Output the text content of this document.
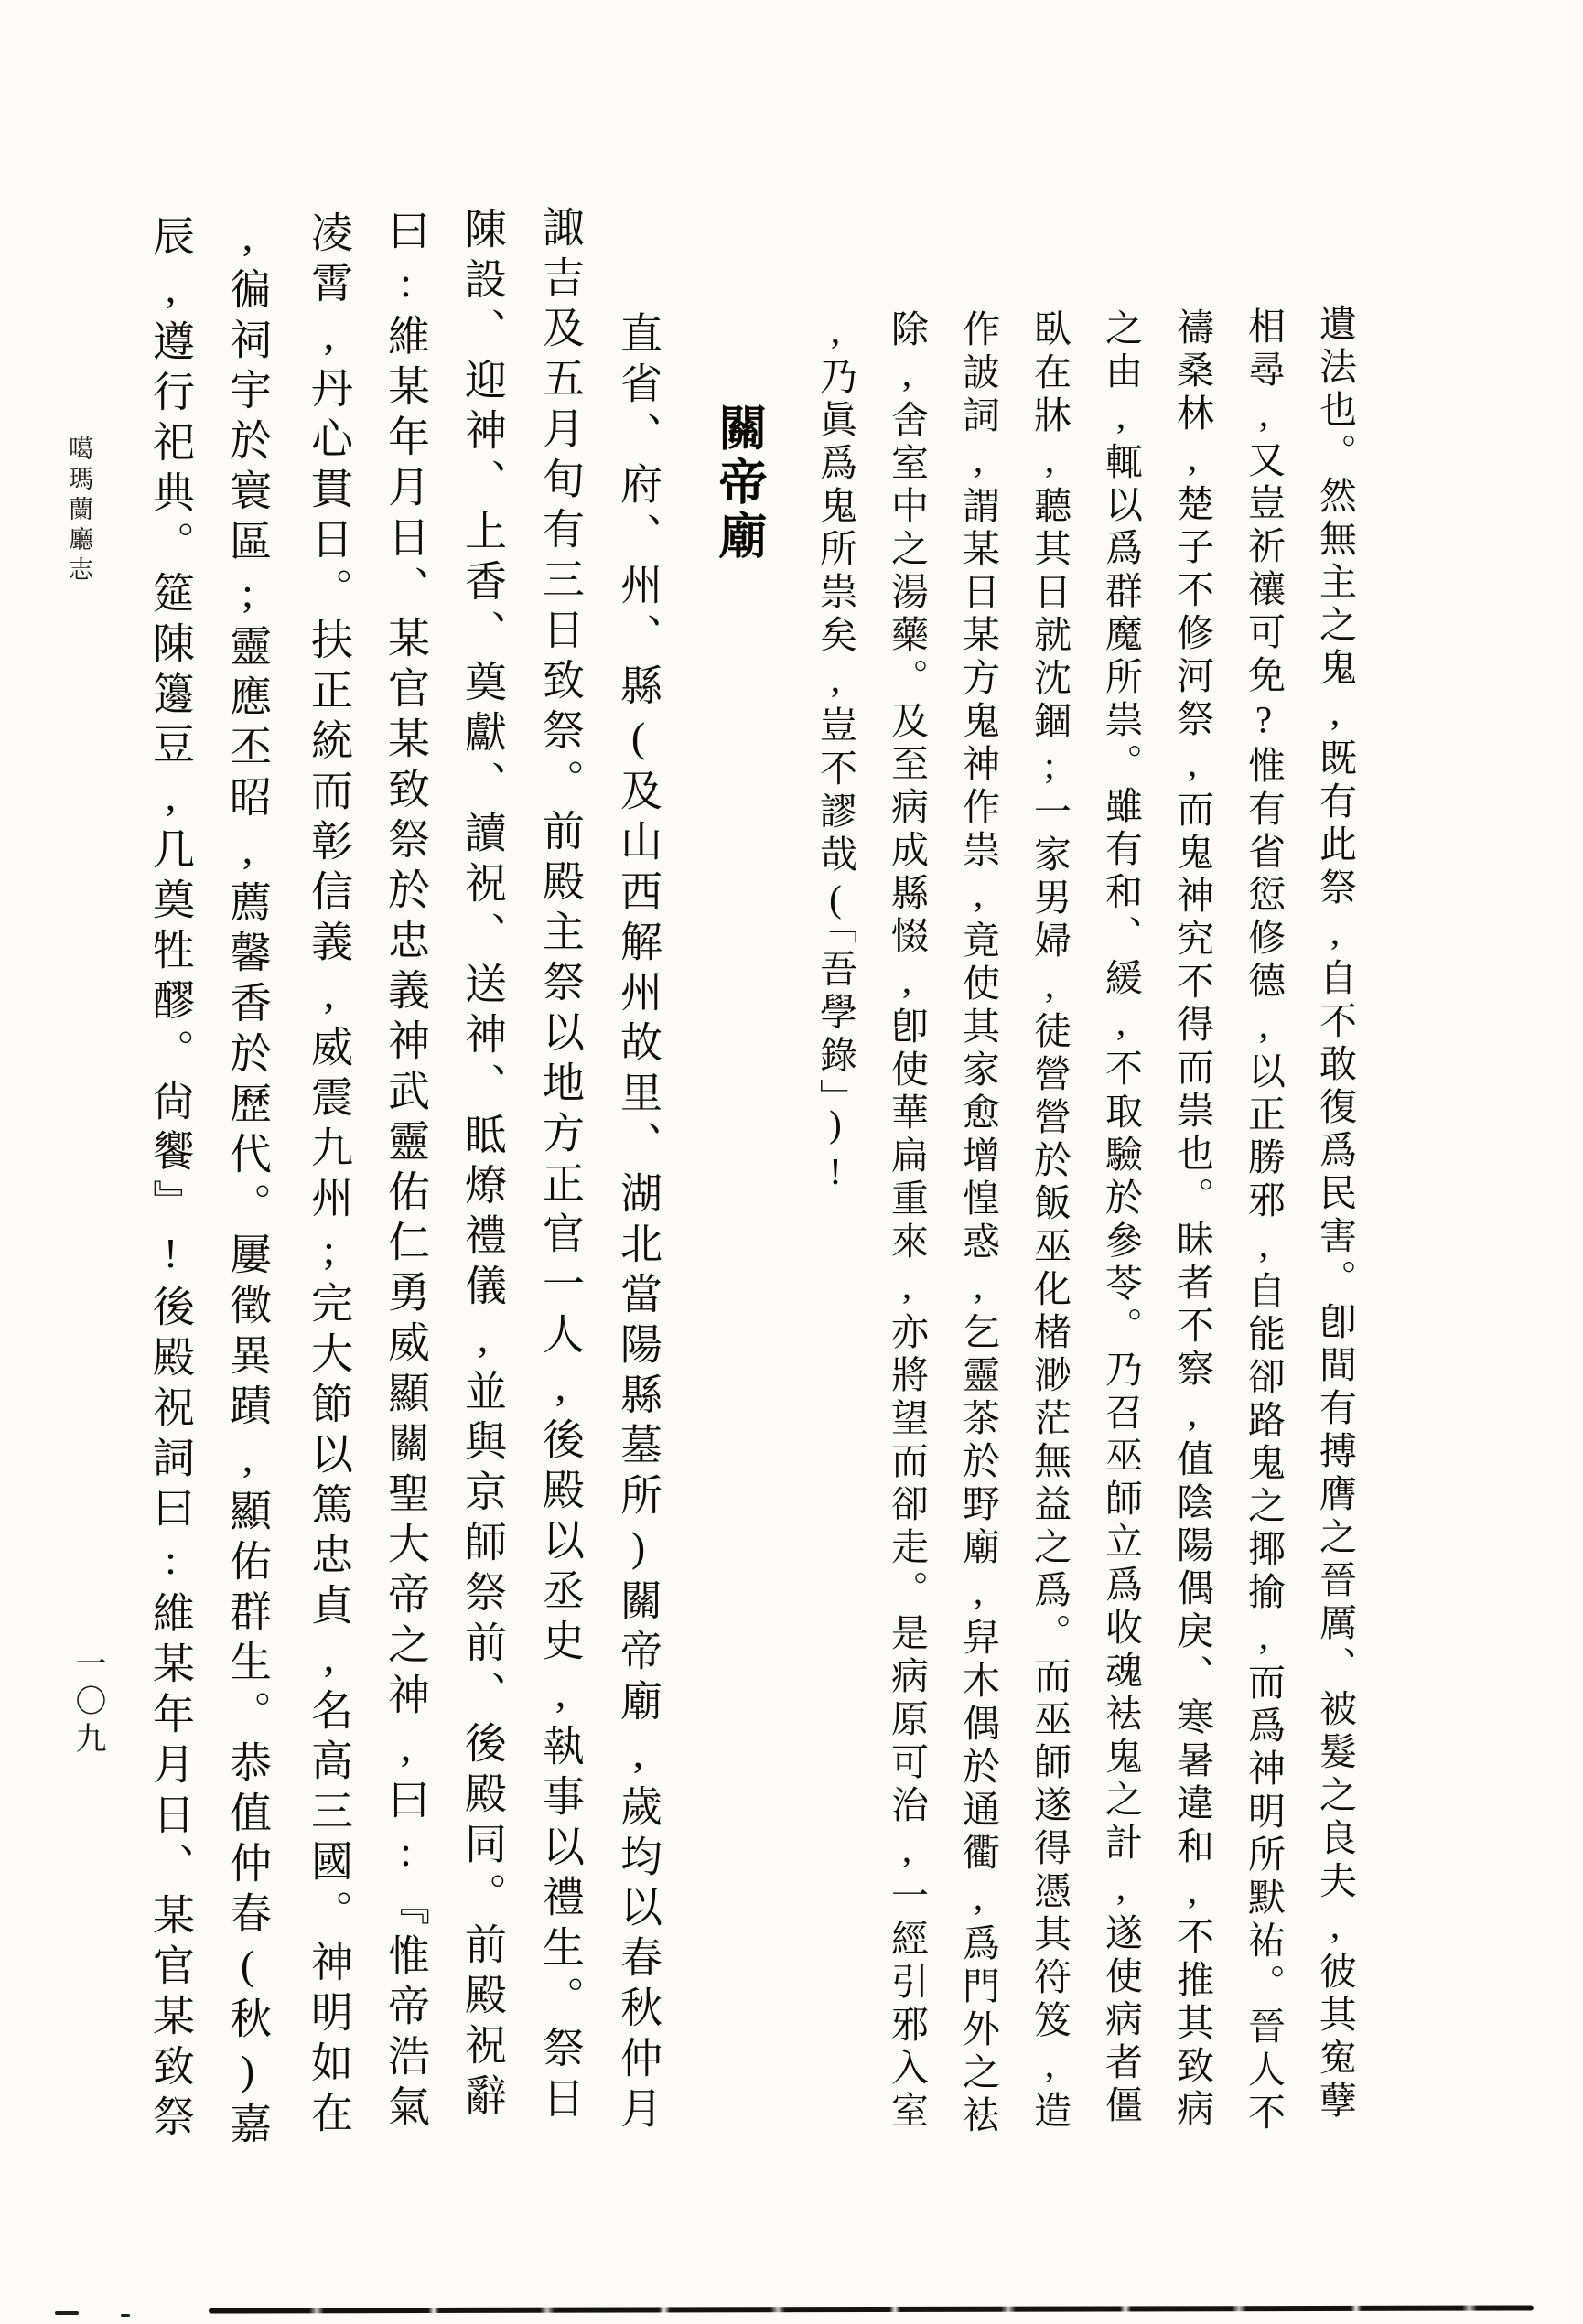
遺法也。然無主之鬼,既有此祭,自不敢復爲民害。卽間有搏膺之晉厲、被髮之良夫,彼其寃孽
相尋,又豈祈禳可免?惟有省愆修德,以正勝邪,自能卻路鬼之揶揄,而爲神明所默祐。晉人不
禱桑林,楚子不修河祭,而鬼神究不得而祟也。昧者不察,值陰陽偶戾、寒暑違和,不推其致病
之由,輒以爲群魔所祟。雖有和、緩,不取驗於參苓。乃召巫師立爲收魂袪鬼之計,遂使病者僵
臥在牀,聽其日就沈錮;一家男婦,徒營營於飯巫化楮渺茫無益之爲。而巫師遂得憑其符笈,造
作詖詞,謂某日某方鬼神作祟,竟使其家愈增惶惑,乞靈茶於野廟,舁木偶於通衢,爲門外之袪
除,舍室中之湯藥。及至病成縣惙,卽使華扁重來,亦將望而卻走。是病原可治,一經引邪入室
,乃眞爲鬼所祟矣,豈不謬哉(「吾學錄」)!
關帝廟
直省、府、州、縣(及山西解州故里、湖北當陽縣墓所)關帝廟,歲均以春秋仲月
諏吉及五月旬有三日致祭。前殿主祭以地方正官一人,後殿以丞史,執事以禮生。祭日
陳設、迎神、上香、奠獻、讀祝、送神、眡燎禮儀,並與京師祭前、後殿同。前殿祝辭
曰:維某年月日、某官某致祭於忠義神武靈佑仁勇威顯關聖大帝之神,曰:『惟帝浩氣
凌霄,丹心貫日。扶正統而彰信義,威震九州;完大節以篤忠貞,名高三國。神明如在
,徧祠宇於寰區;靈應丕昭,薦馨香於歷代。屢徵異蹟,顯佑群生。恭值仲春(秋)嘉
辰,遵行祀典。筵陳籩豆,几奠牲醪。尙饗』!後殿祝詞曰:維某年月日、某官某致祭
噶瑪蘭廳志
一〇九
